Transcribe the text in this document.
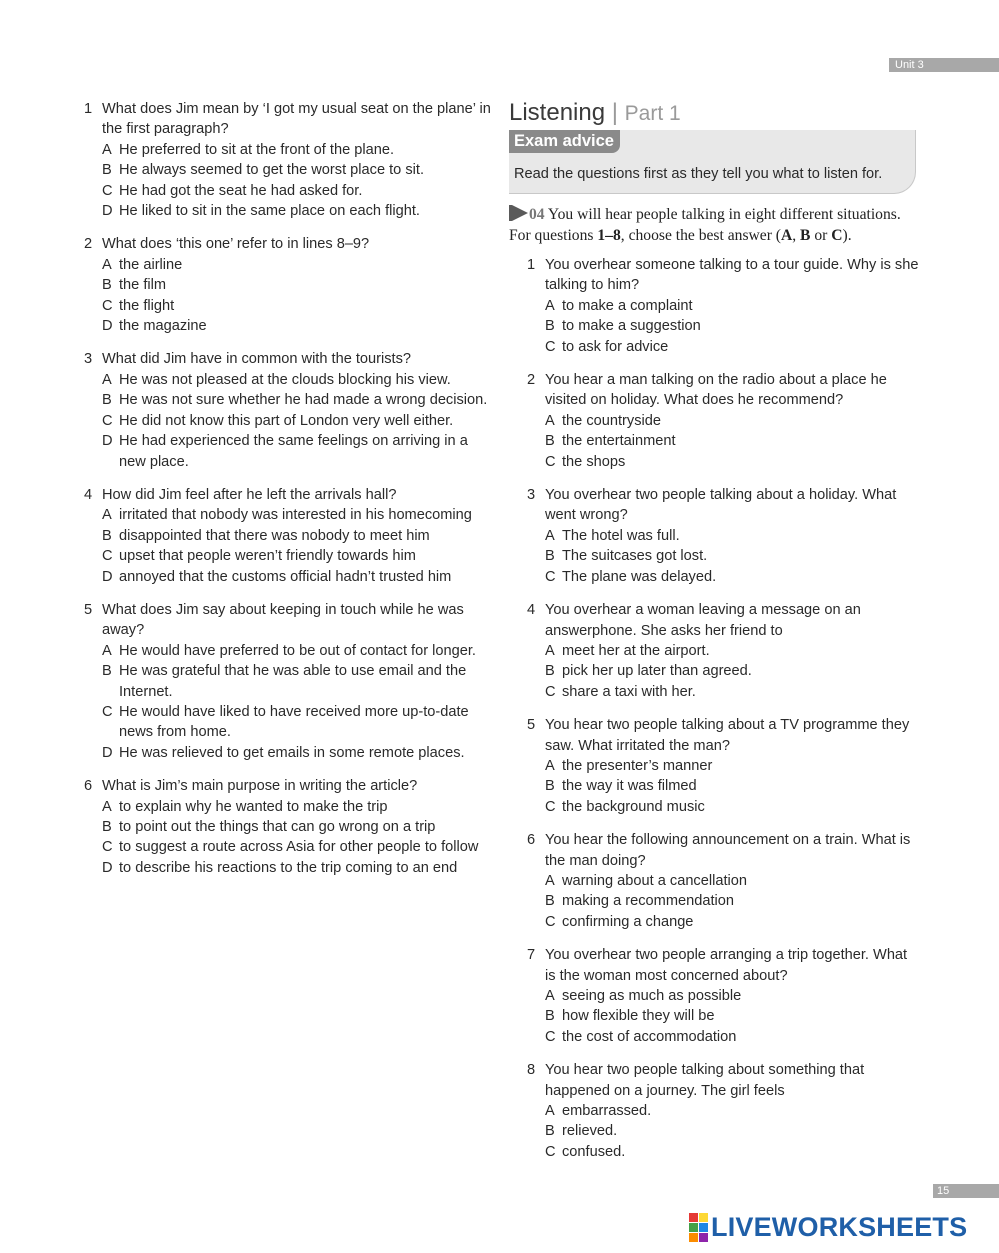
Unit 3
1 What does Jim mean by ‘I got my usual seat on the plane’ in the first paragraph?
A He preferred to sit at the front of the plane.
B He always seemed to get the worst place to sit.
C He had got the seat he had asked for.
D He liked to sit in the same place on each flight.
2 What does ‘this one’ refer to in lines 8–9?
A the airline
B the film
C the flight
D the magazine
3 What did Jim have in common with the tourists?
A He was not pleased at the clouds blocking his view.
B He was not sure whether he had made a wrong decision.
C He did not know this part of London very well either.
D He had experienced the same feelings on arriving in a new place.
4 How did Jim feel after he left the arrivals hall?
A irritated that nobody was interested in his homecoming
B disappointed that there was nobody to meet him
C upset that people weren’t friendly towards him
D annoyed that the customs official hadn’t trusted him
5 What does Jim say about keeping in touch while he was away?
A He would have preferred to be out of contact for longer.
B He was grateful that he was able to use email and the Internet.
C He would have liked to have received more up-to-date news from home.
D He was relieved to get emails in some remote places.
6 What is Jim’s main purpose in writing the article?
A to explain why he wanted to make the trip
B to point out the things that can go wrong on a trip
C to suggest a route across Asia for other people to follow
D to describe his reactions to the trip coming to an end
Listening | Part 1
Exam advice
Read the questions first as they tell you what to listen for.
04 You will hear people talking in eight different situations. For questions 1–8, choose the best answer (A, B or C).
1 You overhear someone talking to a tour guide. Why is she talking to him?
A to make a complaint
B to make a suggestion
C to ask for advice
2 You hear a man talking on the radio about a place he visited on holiday. What does he recommend?
A the countryside
B the entertainment
C the shops
3 You overhear two people talking about a holiday. What went wrong?
A The hotel was full.
B The suitcases got lost.
C The plane was delayed.
4 You overhear a woman leaving a message on an answerphone. She asks her friend to
A meet her at the airport.
B pick her up later than agreed.
C share a taxi with her.
5 You hear two people talking about a TV programme they saw. What irritated the man?
A the presenter’s manner
B the way it was filmed
C the background music
6 You hear the following announcement on a train. What is the man doing?
A warning about a cancellation
B making a recommendation
C confirming a change
7 You overhear two people arranging a trip together. What is the woman most concerned about?
A seeing as much as possible
B how flexible they will be
C the cost of accommodation
8 You hear two people talking about something that happened on a journey. The girl feels
A embarrassed.
B relieved.
C confused.
15
LIVEWORKSHEETS
